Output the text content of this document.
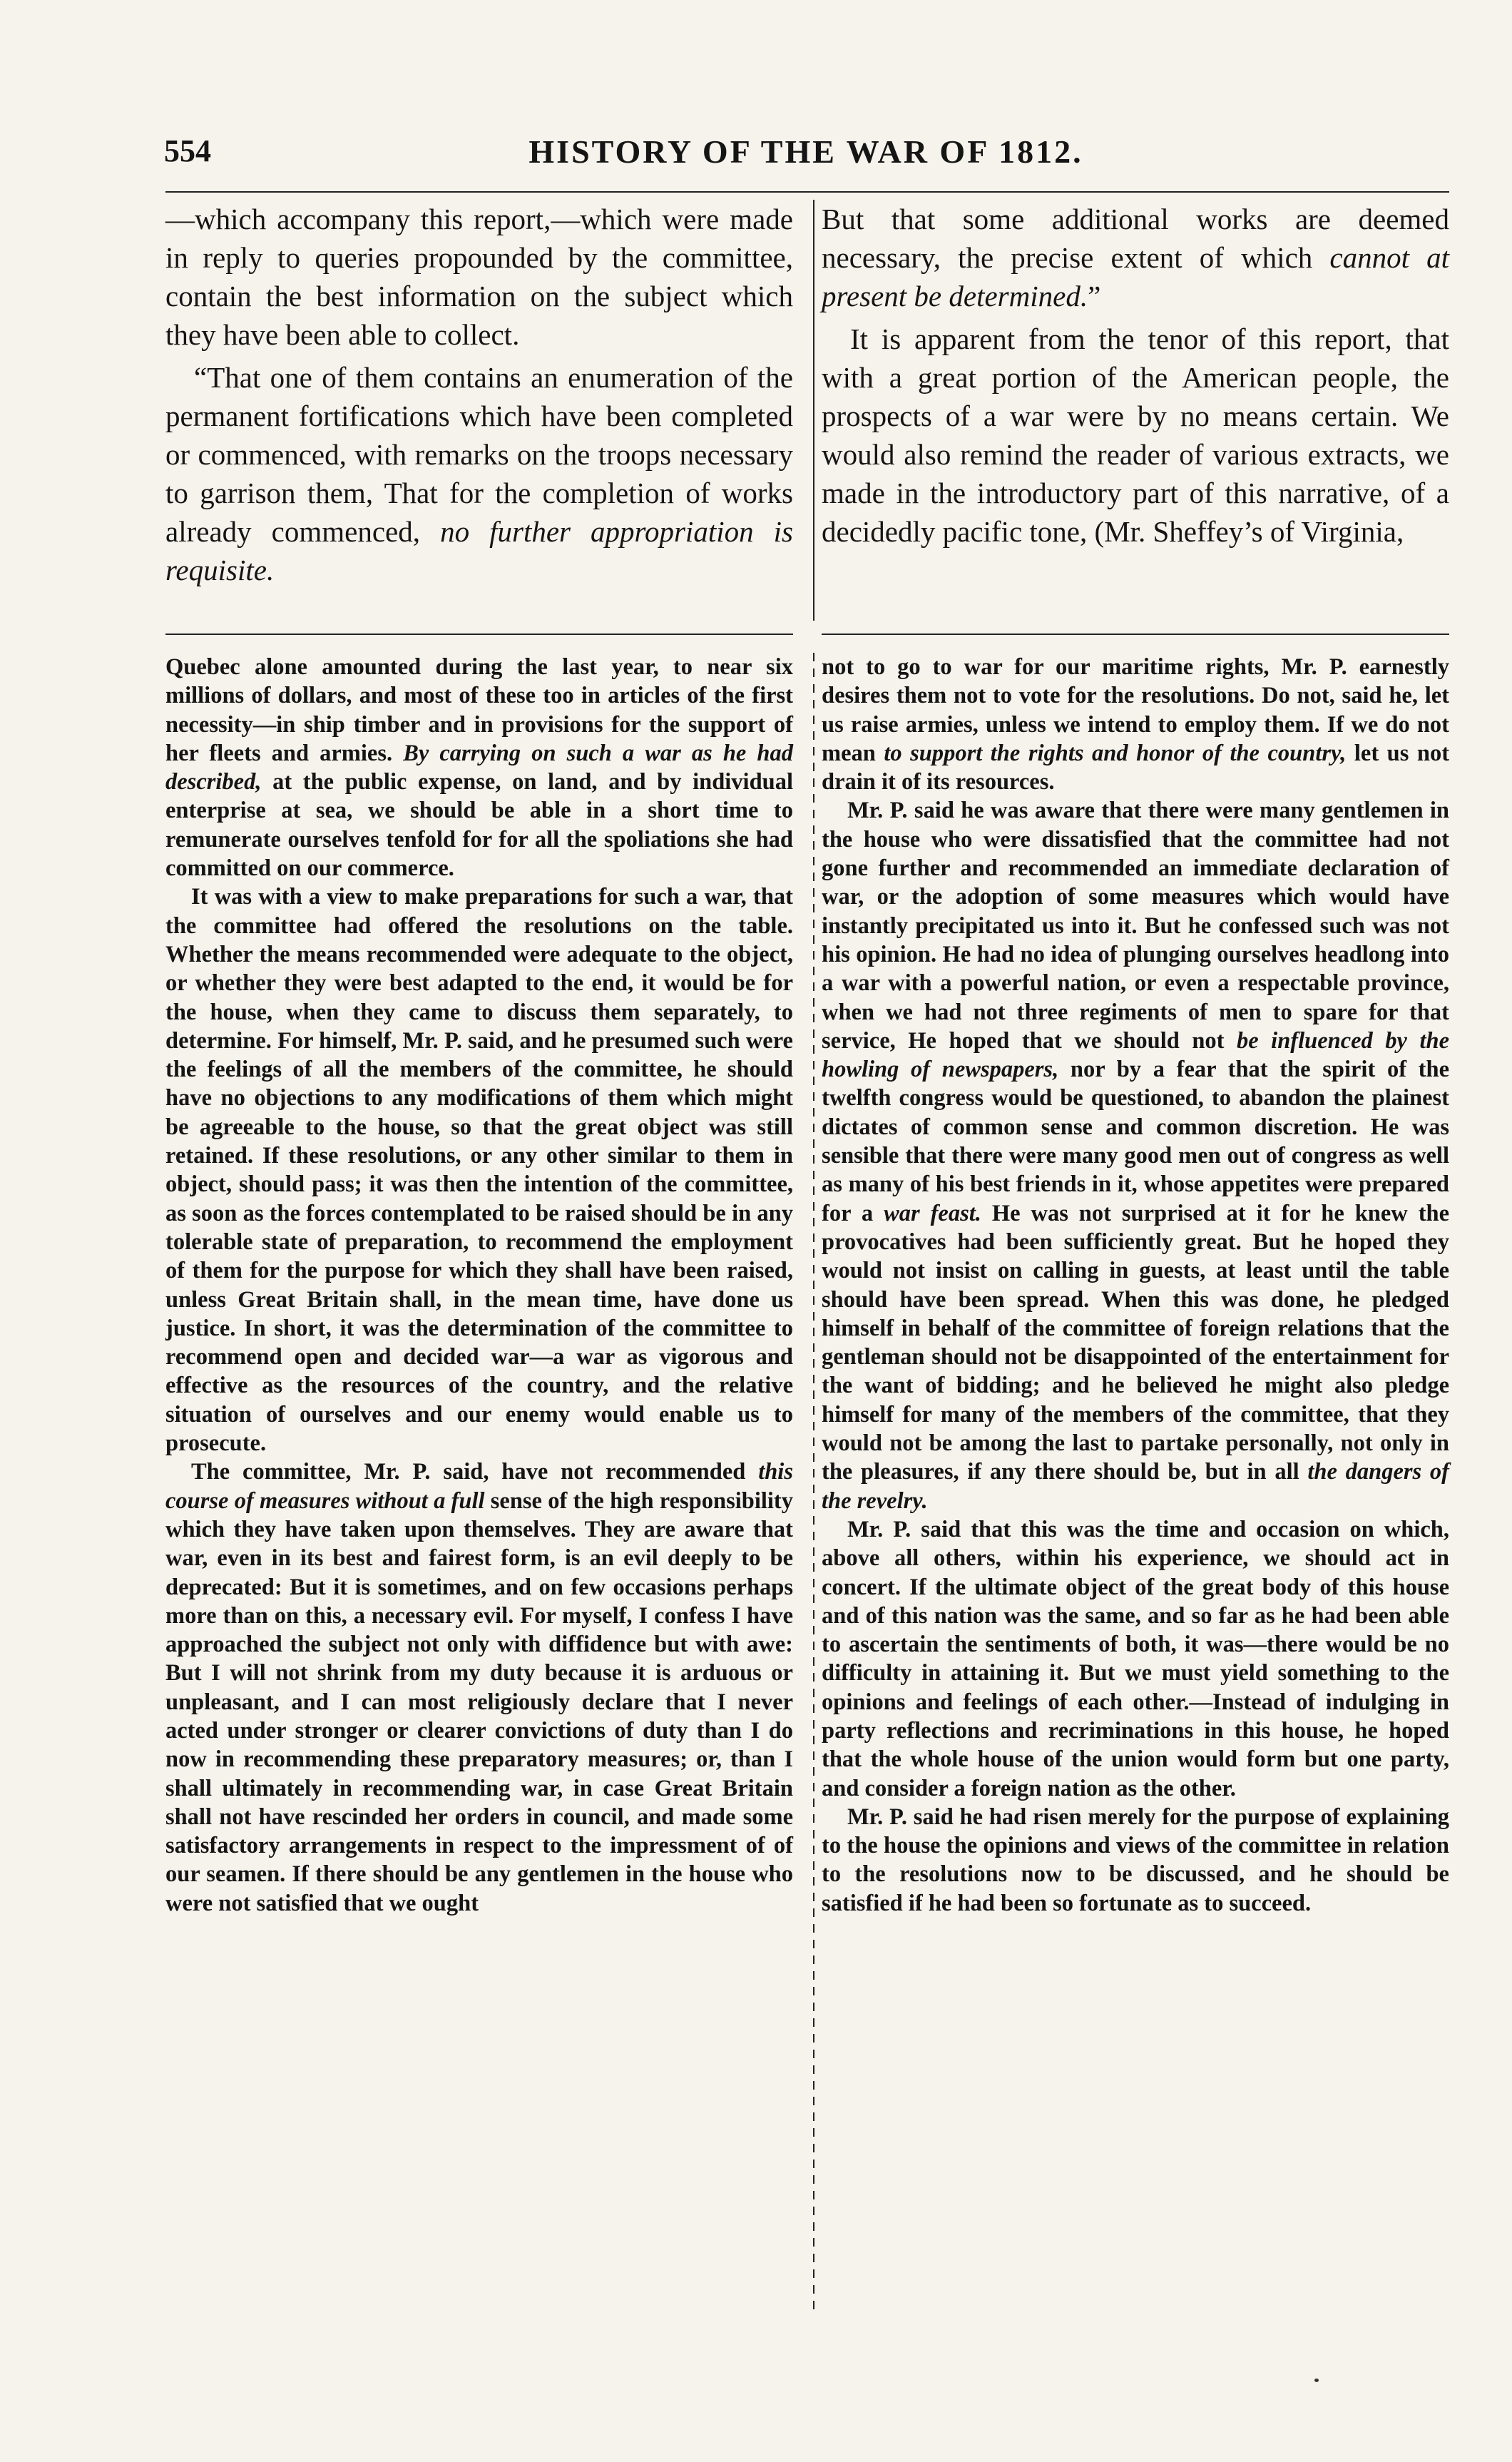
554	HISTORY OF THE WAR OF 1812.

—which accompany this report,—which were made in reply to queries propounded by the committee, contain the best information on the subject which they have been able to collect.

“That one of them contains an enumeration of the permanent fortifications which have been completed or commenced, with remarks on the troops necessary to garrison them, That for the completion of works already commenced, no further appropriation is requisite.

But that some additional works are deemed necessary, the precise extent of which cannot at present be determined.”

It is apparent from the tenor of this report, that with a great portion of the American people, the prospects of a war were by no means certain. We would also remind the reader of various extracts, we made in the introductory part of this narrative, of a decidedly pacific tone, (Mr. Sheffey’s of Virginia,

Quebec alone amounted during the last year, to near six millions of dollars, and most of these too in articles of the first necessity—in ship timber and in provisions for the support of her fleets and armies. By carrying on such a war as he had described, at the public expense, on land, and by individual enterprise at sea, we should be able in a short time to remunerate ourselves tenfold for for all the spoliations she had committed on our commerce.

It was with a view to make preparations for such a war, that the committee had offered the resolutions on the table. Whether the means recommended were adequate to the object, or whether they were best adapted to the end, it would be for the house, when they came to discuss them separately, to determine. For himself, Mr. P. said, and he presumed such were the feelings of all the members of the committee, he should have no objections to any modifications of them which might be agreeable to the house, so that the great object was still retained. If these resolutions, or any other similar to them in object, should pass; it was then the intention of the committee, as soon as the forces contemplated to be raised should be in any tolerable state of preparation, to recommend the employment of them for the purpose for which they shall have been raised, unless Great Britain shall, in the mean time, have done us justice. In short, it was the determination of the committee to recommend open and decided war—a war as vigorous and effective as the resources of the country, and the relative situation of ourselves and our enemy would enable us to prosecute.

The committee, Mr. P. said, have not recommended this course of measures without a full sense of the high responsibility which they have taken upon themselves. They are aware that war, even in its best and fairest form, is an evil deeply to be deprecated: But it is sometimes, and on few occasions perhaps more than on this, a necessary evil. For myself, I confess I have approached the subject not only with diffidence but with awe: But I will not shrink from my duty because it is arduous or unpleasant, and I can most religiously declare that I never acted under stronger or clearer convictions of duty than I do now in recommending these preparatory measures; or, than I shall ultimately in recommending war, in case Great Britain shall not have rescinded her orders in council, and made some satisfactory arrangements in respect to the impressment of of our seamen. If there should be any gentlemen in the house who were not satisfied that we ought

not to go to war for our maritime rights, Mr. P. earnestly desires them not to vote for the resolutions. Do not, said he, let us raise armies, unless we intend to employ them. If we do not mean to support the rights and honor of the country, let us not drain it of its resources.

Mr. P. said he was aware that there were many gentlemen in the house who were dissatisfied that the committee had not gone further and recommended an immediate declaration of war, or the adoption of some measures which would have instantly precipitated us into it. But he confessed such was not his opinion. He had no idea of plunging ourselves headlong into a war with a powerful nation, or even a respectable province, when we had not three regiments of men to spare for that service, He hoped that we should not be influenced by the howling of newspapers, nor by a fear that the spirit of the twelfth congress would be questioned, to abandon the plainest dictates of common sense and common discretion. He was sensible that there were many good men out of congress as well as many of his best friends in it, whose appetites were prepared for a war feast. He was not surprised at it for he knew the provocatives had been sufficiently great. But he hoped they would not insist on calling in guests, at least until the table should have been spread. When this was done, he pledged himself in behalf of the committee of foreign relations that the gentleman should not be disappointed of the entertainment for the want of bidding; and he believed he might also pledge himself for many of the members of the committee, that they would not be among the last to partake personally, not only in the pleasures, if any there should be, but in all the dangers of the revelry.

Mr. P. said that this was the time and occasion on which, above all others, within his experience, we should act in concert. If the ultimate object of the great body of this house and of this nation was the same, and so far as he had been able to ascertain the sentiments of both, it was—there would be no difficulty in attaining it. But we must yield something to the opinions and feelings of each other.—Instead of indulging in party reflections and recriminations in this house, he hoped that the whole house of the union would form but one party, and consider a foreign nation as the other.

Mr. P. said he had risen merely for the purpose of explaining to the house the opinions and views of the committee in relation to the resolutions now to be discussed, and he should be satisfied if he had been so fortunate as to succeed.
